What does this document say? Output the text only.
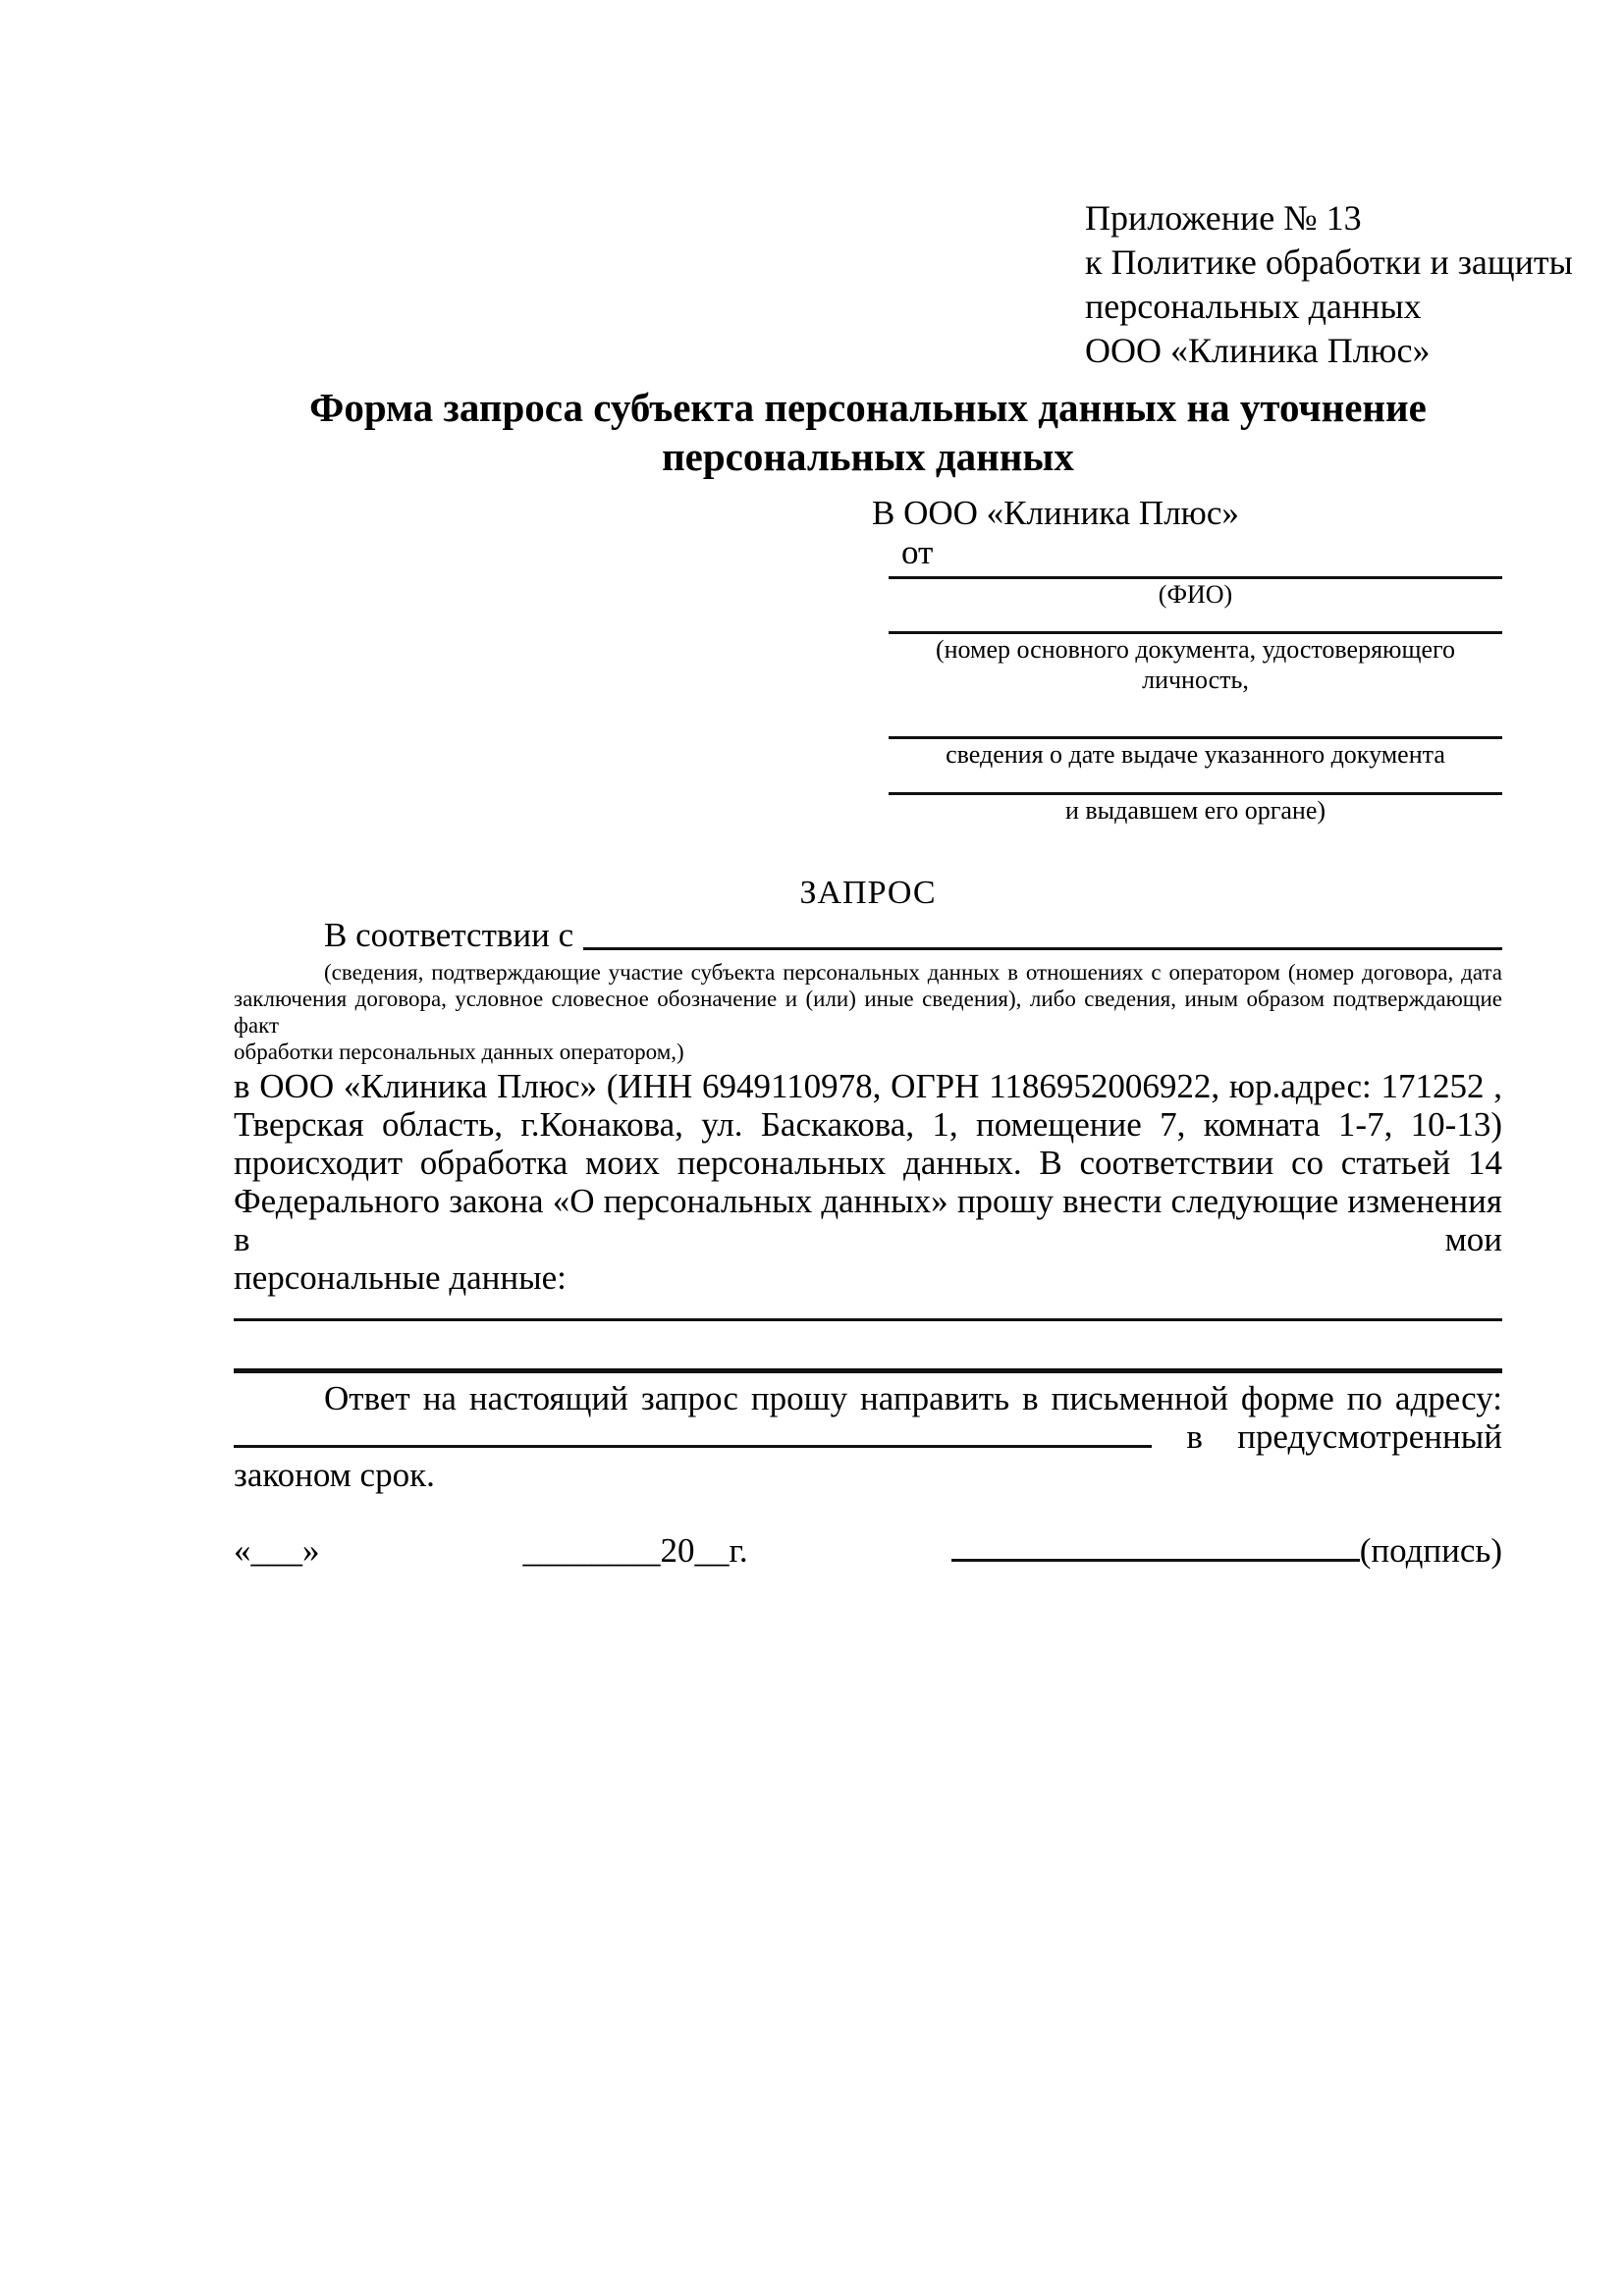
Приложение № 13
к Политике обработки и защиты
персональных данных
ООО «Клиника Плюс»
Форма запроса субъекта персональных данных на уточнение персональных данных
В ООО «Клиника Плюс»
от
(ФИО)
(номер основного документа, удостоверяющего личность,
сведения о дате выдаче указанного документа
и выдавшем его органе)
ЗАПРОС
В соответствии с
(сведения, подтверждающие участие субъекта персональных данных в отношениях с оператором (номер договора, дата
заключения договора, условное словесное обозначение и (или) иные сведения), либо сведения, иным образом подтверждающие факт
обработки персональных данных оператором,)
в ООО «Клиника Плюс» (ИНН 6949110978, ОГРН 1186952006922, юр.адрес: 171252 ,
Тверская область, г.Конакова, ул. Баскакова, 1, помещение 7, комната 1-7, 10-13)
происходит обработка моих персональных данных. В соответствии со статьей 14
Федерального закона «О персональных данных» прошу внести следующие изменения в мои
персональные данные:
Ответ на настоящий запрос прошу направить в письменной форме по адресу:
в предусмотренный
законом срок.
«___» ________20__г.	(подпись)
